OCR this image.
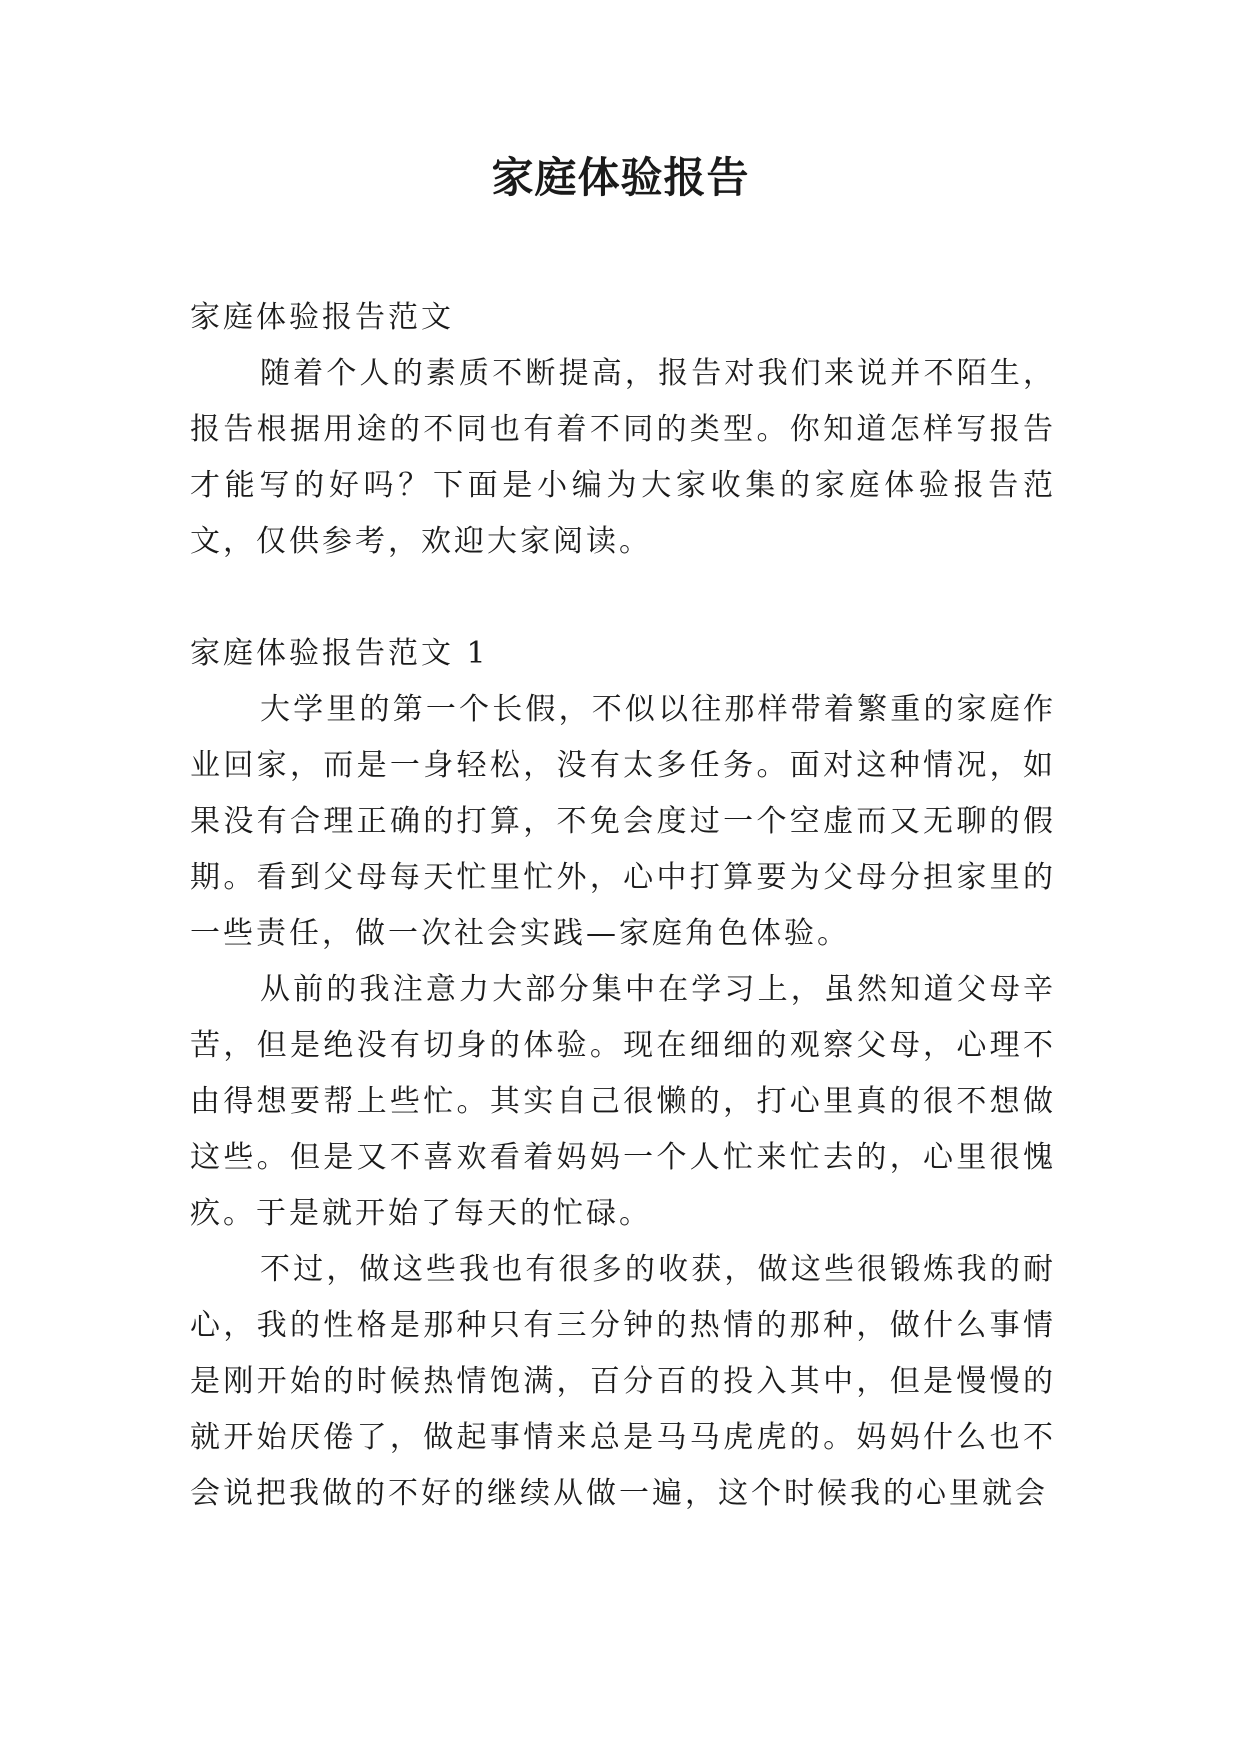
家庭体验报告

家庭体验报告范文

随着个人的素质不断提高，报告对我们来说并不陌生，报告根据用途的不同也有着不同的类型。你知道怎样写报告才能写的好吗？下面是小编为大家收集的家庭体验报告范文，仅供参考，欢迎大家阅读。

家庭体验报告范文 1

大学里的第一个长假，不似以往那样带着繁重的家庭作业回家，而是一身轻松，没有太多任务。面对这种情况，如果没有合理正确的打算，不免会度过一个空虚而又无聊的假期。看到父母每天忙里忙外，心中打算要为父母分担家里的一些责任，做一次社会实践—家庭角色体验。

从前的我注意力大部分集中在学习上，虽然知道父母辛苦，但是绝没有切身的体验。现在细细的观察父母，心理不由得想要帮上些忙。其实自己很懒的，打心里真的很不想做这些。但是又不喜欢看着妈妈一个人忙来忙去的，心里很愧疚。于是就开始了每天的忙碌。

不过，做这些我也有很多的收获，做这些很锻炼我的耐心，我的性格是那种只有三分钟的热情的那种，做什么事情是刚开始的时候热情饱满，百分百的投入其中，但是慢慢的就开始厌倦了，做起事情来总是马马虎虎的。妈妈什么也不会说把我做的不好的继续从做一遍，这个时候我的心里就会
